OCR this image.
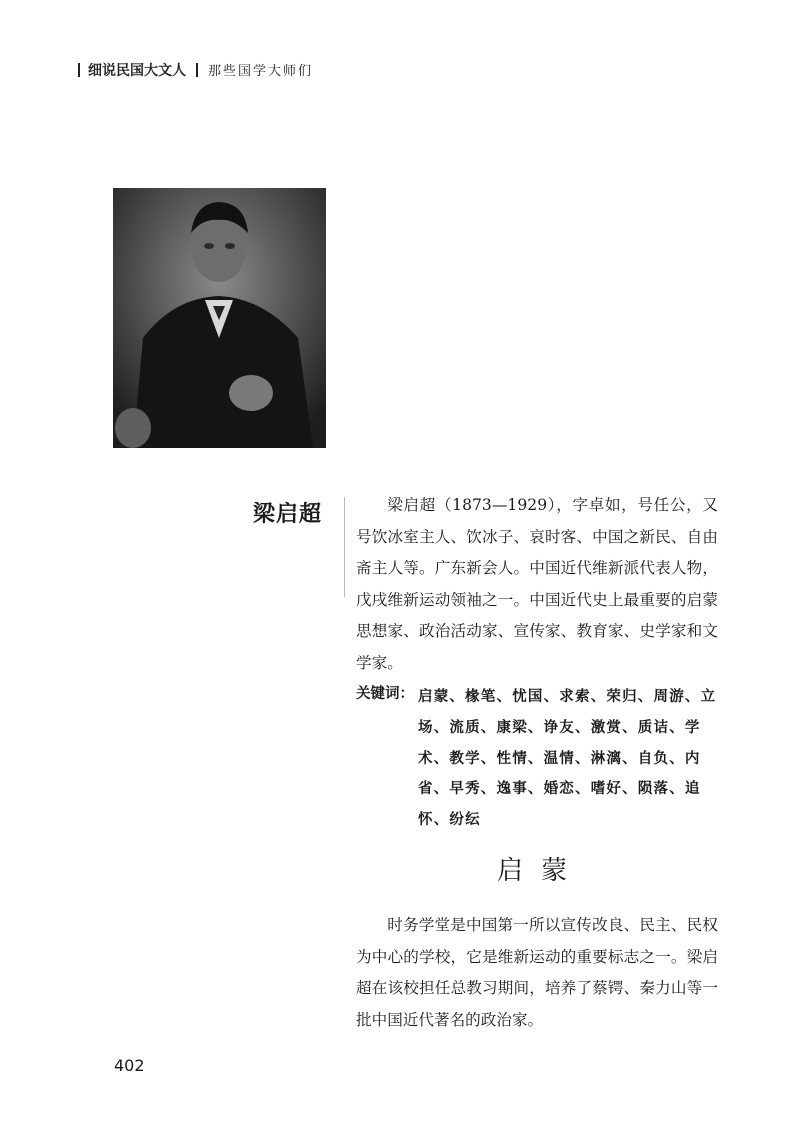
细说民国大文人 那些国学大师们
梁启超	梁启超（1873—1929），字卓如，号任公，又号饮冰室主人、饮冰子、哀时客、中国之新民、自由斋主人等。广东新会人。中国近代维新派代表人物，戊戌维新运动领袖之一。中国近代史上最重要的启蒙思想家、政治活动家、宣传家、教育家、史学家和文学家。
关键词： 启蒙、椽笔、忧国、求索、荣归、周游、立场、流质、康梁、诤友、激赏、质诘、学术、教学、性情、温情、淋漓、自负、内省、早秀、逸事、婚恋、嗜好、陨落、追怀、纷纭
启蒙
时务学堂是中国第一所以宣传改良、民主、民权为中心的学校，它是维新运动的重要标志之一。梁启超在该校担任总教习期间，培养了蔡锷、秦力山等一批中国近代著名的政治家。
402
